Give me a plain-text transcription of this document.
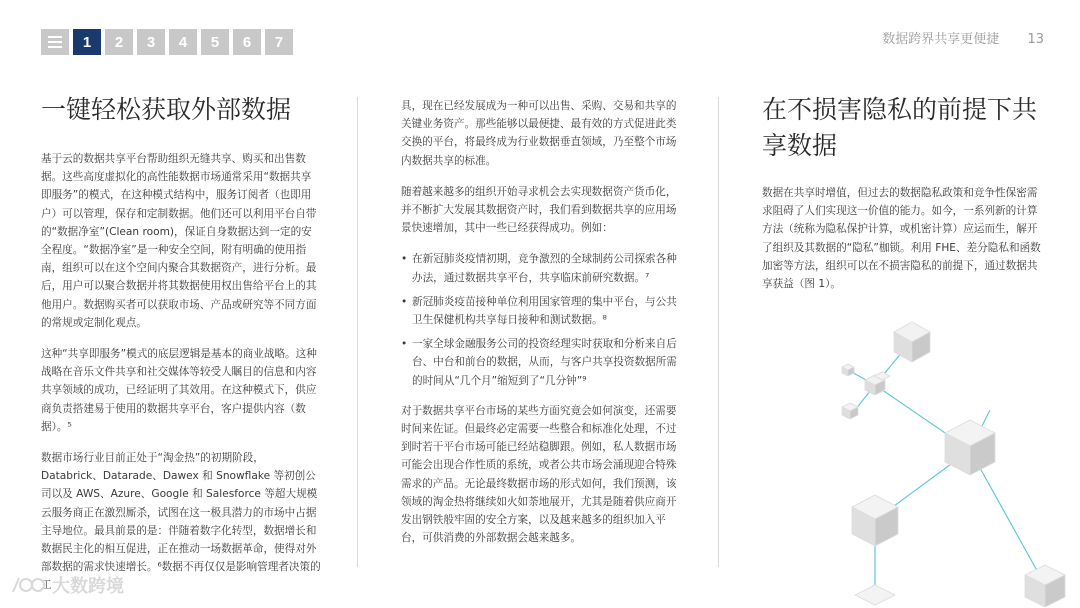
1	2	3	4	5	6	7	数据跨界共享更便捷 13
一键轻松获取外部数据

基于云的数据共享平台帮助组织无缝共享、购买和出售数据。这些高度虚拟化的高性能数据市场通常采用“数据共享即服务”的模式，在这种模式结构中，服务订阅者（也即用户）可以管理，保存和定制数据。他们还可以利用平台自带的“数据净室”(Clean room)，保证自身数据达到一定的安全程度。“数据净室”是一种安全空间，附有明确的使用指南，组织可以在这个空间内聚合其数据资产，进行分析。最后，用户可以聚合数据并将其数据使用权出售给平台上的其他用户。数据购买者可以获取市场、产品或研究等不同方面的常规或定制化观点。

这种“共享即服务”模式的底层逻辑是基本的商业战略。这种战略在音乐文件共享和社交媒体等较受人瞩目的信息和内容共享领域的成功，已经证明了其效用。在这种模式下，供应商负责搭建易于使用的数据共享平台，客户提供内容（数据）。⁵

数据市场行业目前正处于“淘金热”的初期阶段，Databrick、Datarade、Dawex 和 Snowflake 等初创公司以及 AWS、Azure、Google 和 Salesforce 等超大规模云服务商正在激烈厮杀，试图在这一极具潜力的市场中占据主导地位。最具前景的是：伴随着数字化转型，数据增长和数据民主化的相互促进，正在推动一场数据革命，使得对外部数据的需求快速增长。⁶数据不再仅仅是影响管理者决策的工

具，现在已经发展成为一种可以出售、采购、交易和共享的关键业务资产。那些能够以最便捷、最有效的方式促进此类交换的平台，将最终成为行业数据垂直领域，乃至整个市场内数据共享的标准。

随着越来越多的组织开始寻求机会去实现数据资产货币化，并不断扩大发展其数据资产时，我们看到数据共享的应用场景快速增加，其中一些已经获得成功。例如：

• 在新冠肺炎疫情初期，竞争激烈的全球制药公司探索各种办法，通过数据共享平台，共享临床前研究数据。⁷
• 新冠肺炎疫苗接种单位利用国家管理的集中平台，与公共卫生保健机构共享每日接种和测试数据。⁸
• 一家全球金融服务公司的投资经理实时获取和分析来自后台、中台和前台的数据，从而，与客户共享投资数据所需的时间从“几个月”缩短到了“几分钟”⁹

对于数据共享平台市场的某些方面究竟会如何演变，还需要时间来佐证。但最终必定需要一些整合和标准化处理，不过到时若干平台市场可能已经站稳脚跟。例如，私人数据市场可能会出现合作性质的系统，或者公共市场会涌现迎合特殊需求的产品。无论最终数据市场的形式如何，我们预测，该领域的淘金热将继续如火如荼地展开，尤其是随着供应商开发出钢铁般牢固的安全方案，以及越来越多的组织加入平台，可供消费的外部数据会越来越多。

在不损害隐私的前提下共享数据

数据在共享时增值，但过去的数据隐私政策和竞争性保密需求阻碍了人们实现这一价值的能力。如今，一系列新的计算方法（统称为隐私保护计算，或机密计算）应运而生，解开了组织及其数据的“隐私”枷锁。利用 FHE、差分隐私和函数加密等方法，组织可以在不损害隐私的前提下，通过数据共享获益（图 1）。

大数跨境
